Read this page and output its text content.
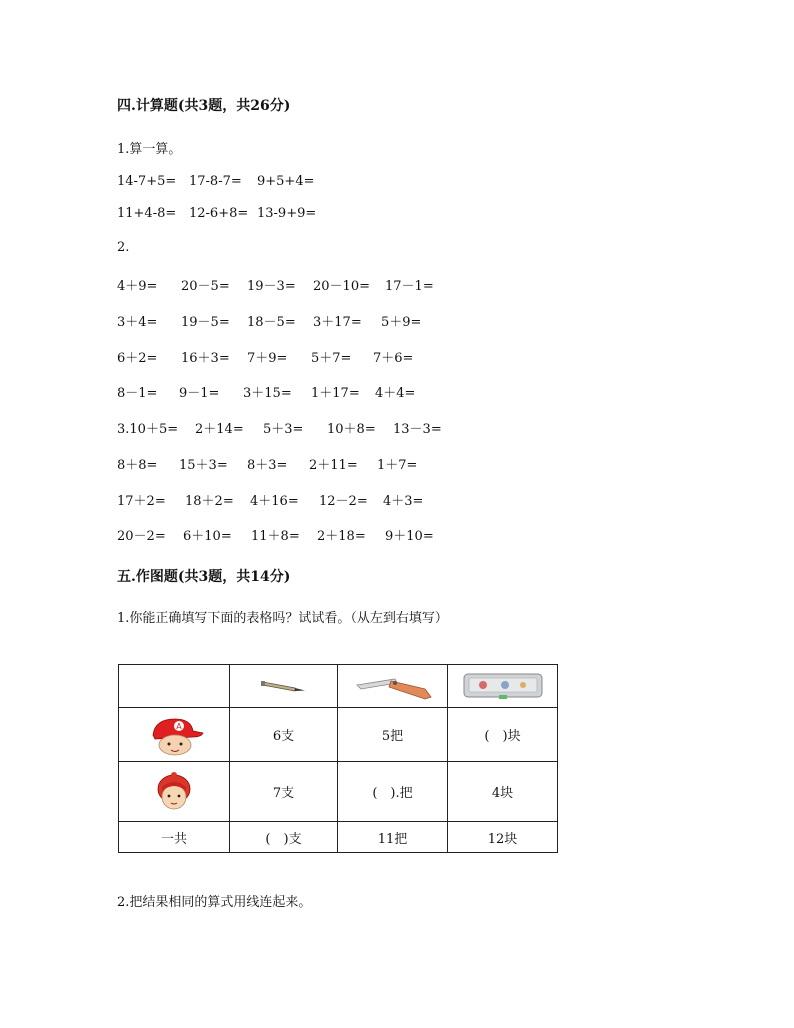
四.计算题(共3题，共26分)
1.算一算。
14-7+5= 17-8-7= 9+5+4=
11+4-8= 12-6+8= 13-9+9=
2.
4＋9= 20－5= 19－3= 20－10= 17－1=
3＋4= 19－5= 18－5= 3＋17= 5＋9=
6＋2= 16＋3= 7＋9= 5＋7= 7＋6=
8－1= 9－1= 3＋15= 1＋17= 4＋4=
3.10＋5= 2＋14= 5＋3= 10＋8= 13－3=
8＋8= 15＋3= 8＋3= 2＋11= 1＋7=
17＋2= 18＋2= 4＋16= 12－2= 4＋3=
20－2= 6＋10= 11＋8= 2＋18= 9＋10=
五.作图题(共3题，共14分)
1.你能正确填写下面的表格吗？试试看。（从左到右填写）

A	6支	5把	(　)块

	7支	(　).把	4块
一共	(　)支	11把	12块
2.把结果相同的算式用线连起来。
